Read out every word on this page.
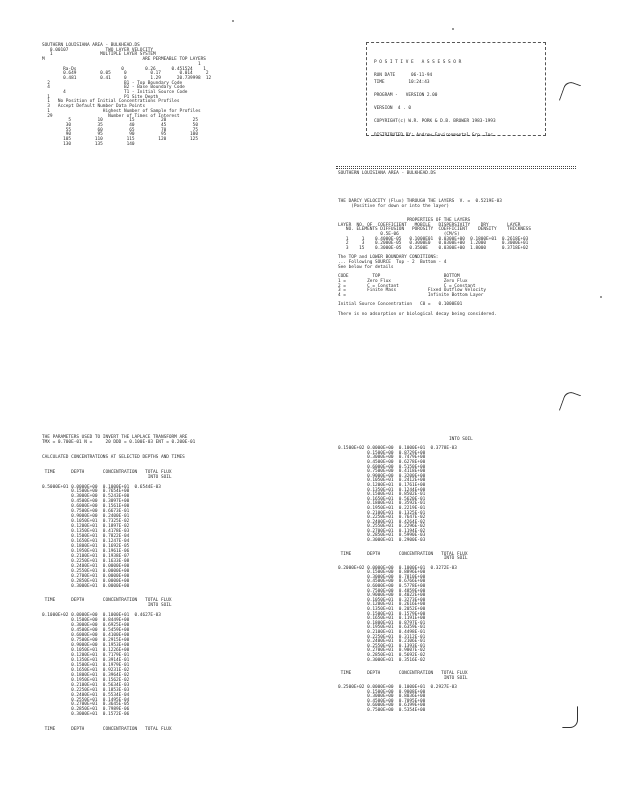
SOUTHERN LOUISIANA AREA - BULKHEAD.DS
0.00107              TWO LAYER VELOCITY
1                  MULTIPLE LAYER SYSTEM
M                                     ARE PERMEABLE TOP LAYERS
1
Ra-Ds                 0        0.26      0.451524    1
0.649         0.05     0         0.17       0.014     2
0.481         0.41     0         1.29      20.739998  12
2                            B1 - Top Boundary Code
4                            B2 - Base Boundary Code
4                      T1 - Initial Source Code
1                            P1 Site Depth
1   No Position of Initial Concentrations Profiles
3   Accept Default Number Data Points
1                    Highest Number of Sample for Profiles
29                     Number of Times of Interest
5          10          15          20          25
30          35          40          45          50
55          60          65          70          75
90          95          90          95         100
105         110         115         120         125
130         135         140
P O S I T I V E   A S S E S S O R

RUN DATE      06-11-94
TIME         10:24:43

PROGRAM -   VERSION 2.00

VERSION  4 . 0

COPYRIGHT(c) W.R. PORK & D.B. BROWER 1983-1993

DISTRIBUTED BY: Andrew Environmental Grp. Inc.
SOUTHERN LOUISIANA AREA - BULKHEAD.DS
THE DARCY VELOCITY (Flux) THROUGH THE LAYERS  V. =  0.5219E-03
(Positive for down or into the layer)

PROPERTIES OF THE LAYERS
LAYER  NO. OF  COEFFICIENT   MOBILE   DISPERSIVITY    DRY       LAYER
NO. ELEMENTS DIFFUSION   POROSITY  COEFFICIENT    DENSITY    THICKNESS
0.5E-06                 (CM/S)
1     1    0.4000E-05   0.1000E01  0.0300E+00  0.1800E+01  0.2618E+03
2     3    0.2000E-05   0.3000E0   0.0300E+00  1.2000      0.3000E+01
3    15    0.3000E-05   0.3500E    0.0300E+00  1.8000      0.3718E+02

The TOP and LOWER BOUNDARY CONDITIONS:
... Following SOURCE  Top - 2  Bottom - 4
See below for details

CODE         TOP                        BOTTOM
1 =        Zero Flux                    Zero Flux
2 =        C = Constant                 C = Constant
3 =        Finite Mass            Fixed Outflow Velocity
4 =                               Infinite Bottom Layer

Initial Source Concentration   C0 =   0.1000E01

There is no adsorption or biological decay being considered.
THE PARAMETERS USED TO INVERT THE LAPLACE TRANSFORM ARE
TMX = 0.700E-01 N =     20 DDD = 0.100E-03 ENT = 0.200E-01

CALCULATED CONCENTRATIONS AT SELECTED DEPTHS AND TIMES

TIME      DEPTH       CONCENTRATION   TOTAL FLUX
INTO SOIL

0.5000E+01 0.0000E+00  0.1000E+01  0.6544E-03
0.1500E+00  0.7654E+00
0.3000E+00  0.5243E+00
0.4500E+00  0.3097E+00
0.6000E+00  0.1561E+00
0.7500E+00  0.6673E-01
0.9000E+00  0.2400E-01
0.1050E+01  0.7325E-02
0.1200E+01  0.1897E-02
0.1350E+01  0.4178E-03
0.1500E+01  0.7822E-04
0.1650E+01  0.1247E-04
0.1800E+01  0.1692E-05
0.1950E+01  0.1961E-06
0.2100E+01  0.1938E-07
0.2250E+01  0.1633E-08
0.2400E+01  0.0000E+00
0.2550E+01  0.0000E+00
0.2700E+01  0.0000E+00
0.2850E+01  0.0000E+00
0.3000E+01  0.0000E+00

TIME      DEPTH       CONCENTRATION   TOTAL FLUX
INTO SOIL

0.1000E+02 0.0000E+00  0.1000E+01  0.4627E-03
0.1500E+00  0.8449E+00
0.3000E+00  0.6925E+00
0.4500E+00  0.5459E+00
0.6000E+00  0.4100E+00
0.7500E+00  0.2915E+00
0.9000E+00  0.1953E+00
0.1050E+01  0.1226E+00
0.1200E+01  0.7179E-01
0.1350E+01  0.3914E-01
0.1500E+01  0.1979E-01
0.1650E+01  0.9231E-02
0.1800E+01  0.3964E-02
0.1950E+01  0.1562E-02
0.2100E+01  0.5634E-03
0.2250E+01  0.1853E-03
0.2400E+01  0.5534E-04
0.2550E+01  0.1495E-04
0.2700E+01  0.3645E-05
0.2850E+01  0.7989E-06
0.3000E+01  0.1572E-06

TIME      DEPTH       CONCENTRATION   TOTAL FLUX
INTO SOIL

0.1500E+02 0.0000E+00  0.1000E+01  0.3778E-03
0.1500E+00  0.8729E+00
0.3000E+00  0.7479E+00
0.4500E+00  0.6278E+00
0.6000E+00  0.5150E+00
0.7500E+00  0.4118E+00
0.9000E+00  0.3200E+00
0.1050E+01  0.2412E+00
0.1200E+01  0.1761E+00
0.1350E+01  0.1244E+00
0.1500E+01  0.8502E-01
0.1650E+01  0.5620E-01
0.1800E+01  0.3592E-01
0.1950E+01  0.2219E-01
0.2100E+01  0.1325E-01
0.2250E+01  0.7647E-02
0.2400E+01  0.4264E-02
0.2550E+01  0.2296E-02
0.2700E+01  0.1194E-02
0.2850E+01  0.5990E-03
0.3000E+01  0.2900E-03

TIME      DEPTH       CONCENTRATION   TOTAL FLUX
INTO SOIL

0.2000E+02 0.0000E+00  0.1000E+01  0.3272E-03
0.1500E+00  0.8896E+00
0.3000E+00  0.7810E+00
0.4500E+00  0.6766E+00
0.6000E+00  0.5778E+00
0.7500E+00  0.4859E+00
0.9000E+00  0.4022E+00
0.1050E+01  0.3273E+00
0.1200E+01  0.2616E+00
0.1350E+01  0.2052E+00
0.1500E+01  0.1579E+00
0.1650E+01  0.1191E+00
0.1800E+01  0.8797E-01
0.1950E+01  0.6359E-01
0.2100E+01  0.4498E-01
0.2250E+01  0.3112E-01
0.2400E+01  0.2106E-01
0.2550E+01  0.1393E-01
0.2700E+01  0.9007E-02
0.2850E+01  0.5692E-02
0.3000E+01  0.3516E-02

TIME      DEPTH       CONCENTRATION   TOTAL FLUX
INTO SOIL

0.2500E+02 0.0000E+00  0.1000E+01  0.2927E-03
0.1500E+00  0.9008E+00
0.3000E+00  0.8036E+00
0.4500E+00  0.7095E+00
0.6000E+00  0.6199E+00
0.7500E+00  0.5354E+00
